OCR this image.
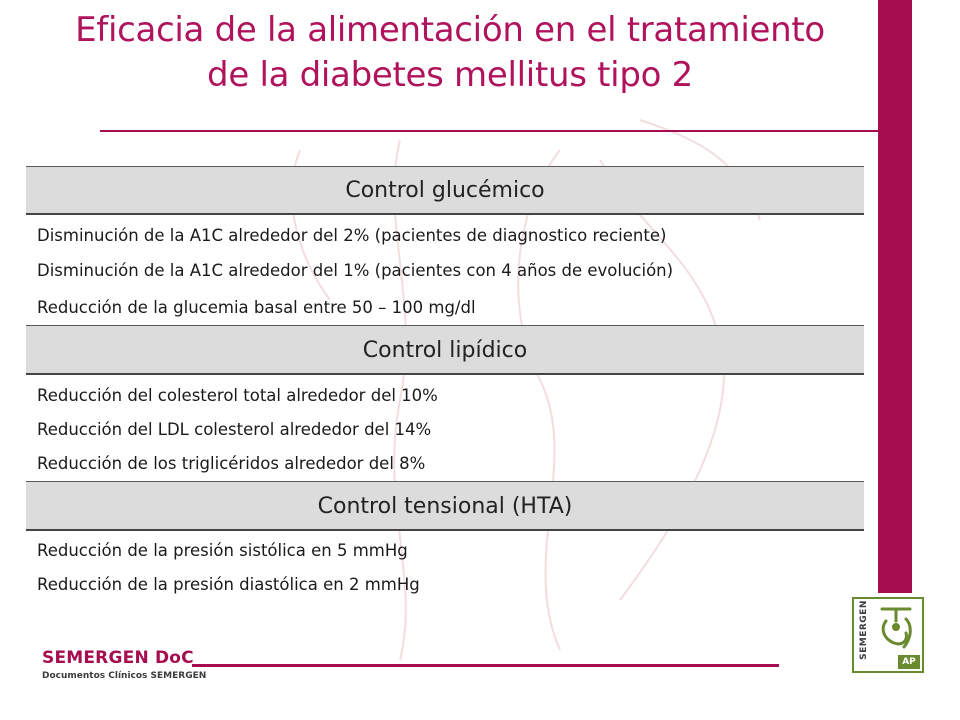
Eficacia de la alimentación en el tratamiento
de la diabetes mellitus tipo 2
Control glucémico
Disminución de la A1C alrededor del 2% (pacientes de diagnostico reciente)
Disminución de la A1C alrededor del 1% (pacientes con 4 años de evolución)
Reducción de la glucemia basal entre 50 – 100 mg/dl
Control lipídico
Reducción del colesterol total alrededor del 10%
Reducción del LDL colesterol alrededor del 14%
Reducción de los triglicéridos alrededor del 8%
Control tensional (HTA)
Reducción de la presión sistólica en 5 mmHg
Reducción de la presión diastólica en 2 mmHg
SEMERGEN DoC
Documentos Clínicos SEMERGEN
SEMERGEN
AP
